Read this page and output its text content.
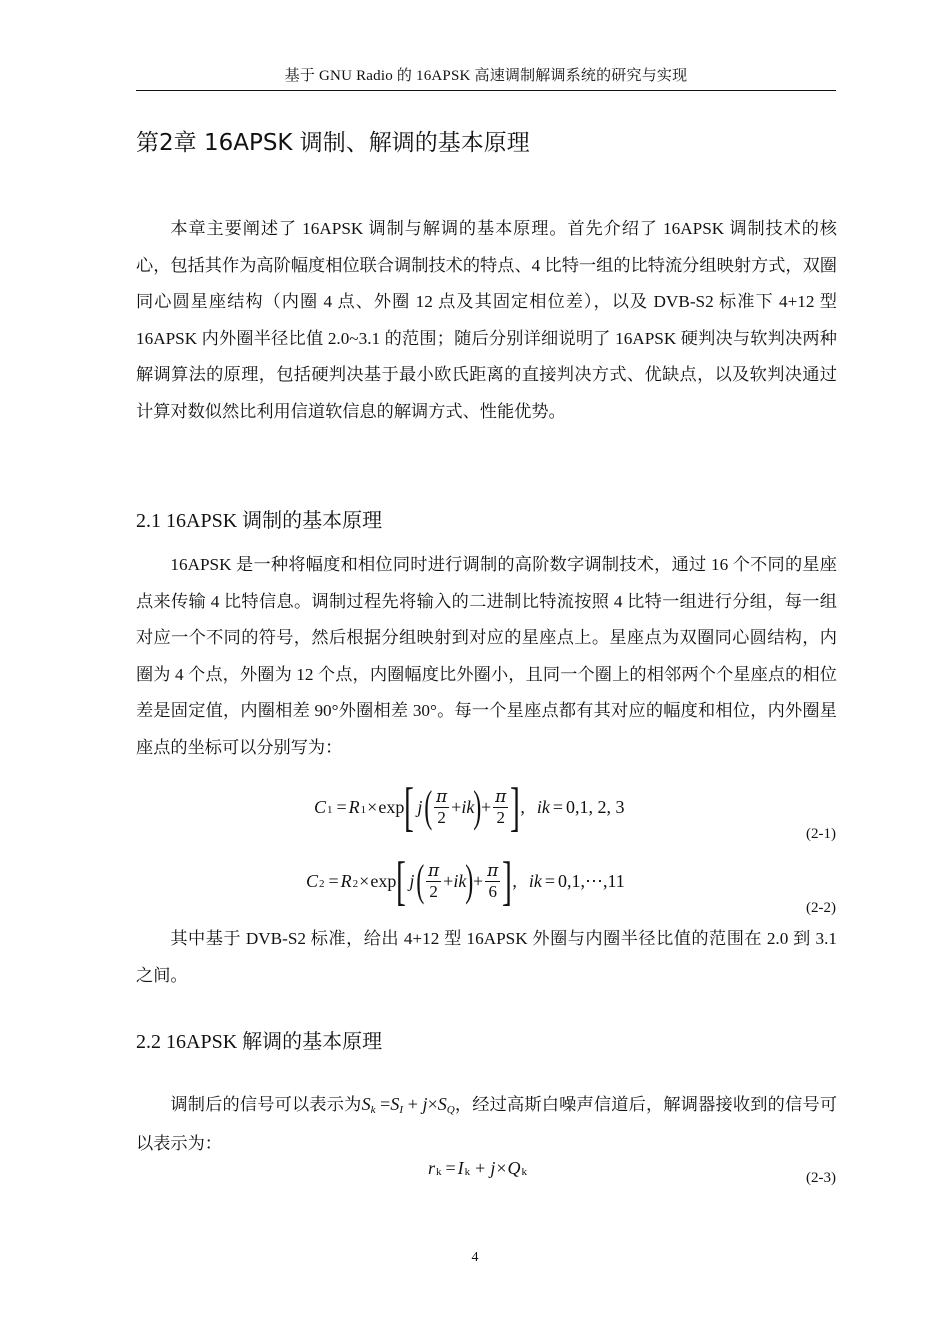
基于 GNU Radio 的 16APSK 高速调制解调系统的研究与实现
第2章 16APSK 调制、解调的基本原理

本章主要阐述了 16APSK 调制与解调的基本原理。首先介绍了 16APSK 调制技术的核心，包括其作为高阶幅度相位联合调制技术的特点、4 比特一组的比特流分组映射方式，双圈同心圆星座结构（内圈 4 点、外圈 12 点及其固定相位差），以及 DVB-S2 标准下 4+12 型 16APSK 内外圈半径比值 2.0~3.1 的范围；随后分别详细说明了 16APSK 硬判决与软判决两种解调算法的原理，包括硬判决基于最小欧氏距离的直接判决方式、优缺点，以及软判决通过计算对数似然比利用信道软信息的解调方式、性能优势。

2.1 16APSK 调制的基本原理

16APSK 是一种将幅度和相位同时进行调制的高阶数字调制技术，通过 16 个不同的星座点来传输 4 比特信息。调制过程先将输入的二进制比特流按照 4 比特一组进行分组，每一组对应一个不同的符号，然后根据分组映射到对应的星座点上。星座点为双圈同心圆结构，内圈为 4 个点，外圈为 12 个点，内圈幅度比外圈小，且同一个圈上的相邻两个个星座点的相位差是固定值，内圈相差 90°外圈相差 30°。每一个星座点都有其对应的幅度和相位，内外圈星座点的坐标可以分别写为：

$C_1 = R_1 \times \exp$ [ j ( $\frac{\pi}{2}$ + ik ) + $\frac{\pi}{2}$ ] , ik = 0,1, 2, 3
(2-1)
$C_2 = R_2 \times \exp$ [ j ( $\frac{\pi}{2}$ + ik ) + $\frac{\pi}{6}$ ] , ik = 0,1,⋯,11
(2-2)

其中基于 DVB-S2 标准，给出 4+12 型 16APSK 外圈与内圈半径比值的范围在 2.0 到 3.1 之间。

2.2 16APSK 解调的基本原理

调制后的信号可以表示为$S_k =S_I + j\times S_Q$，经过高斯白噪声信道后，解调器接收到的信号可以表示为：

$r_k = I_k + j \times Q_k$	(2-3)
4
